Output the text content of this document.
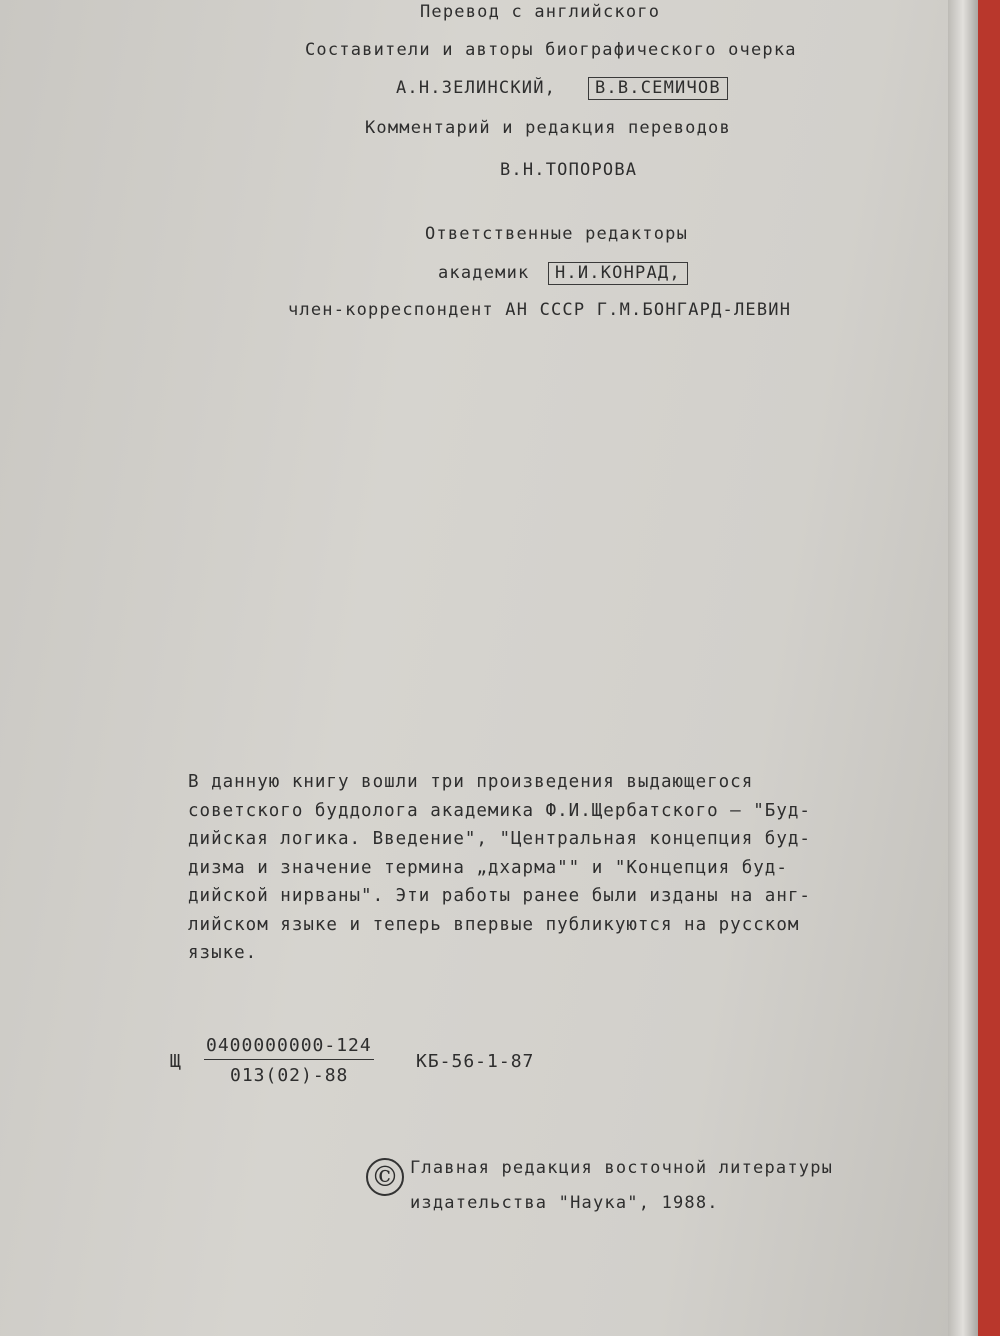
Перевод с английского
Составители и авторы биографического очерка
А.Н.ЗЕЛИНСКИЙ,	В.В.СЕМИЧОВ
Комментарий и редакция переводов
В.Н.ТОПОРОВА
Ответственные редакторы
академик	Н.И.КОНРАД,
член-корреспондент АН СССР Г.М.БОНГАРД-ЛЕВИН
В данную книгу вошли три произведения выдающегося
советского буддолога академика Ф.И.Щербатского — "Буд-
дийская логика. Введение", "Центральная концепция буд-
дизма и значение термина „дхарма"" и "Концепция буд-
дийской нирваны". Эти работы ранее были изданы на анг-
лийском языке и теперь впервые публикуются на русском
языке.
Щ
0400000000-124
013(02)-88
КБ-56-1-87
© Главная редакция восточной литературы
издательства "Наука", 1988.
